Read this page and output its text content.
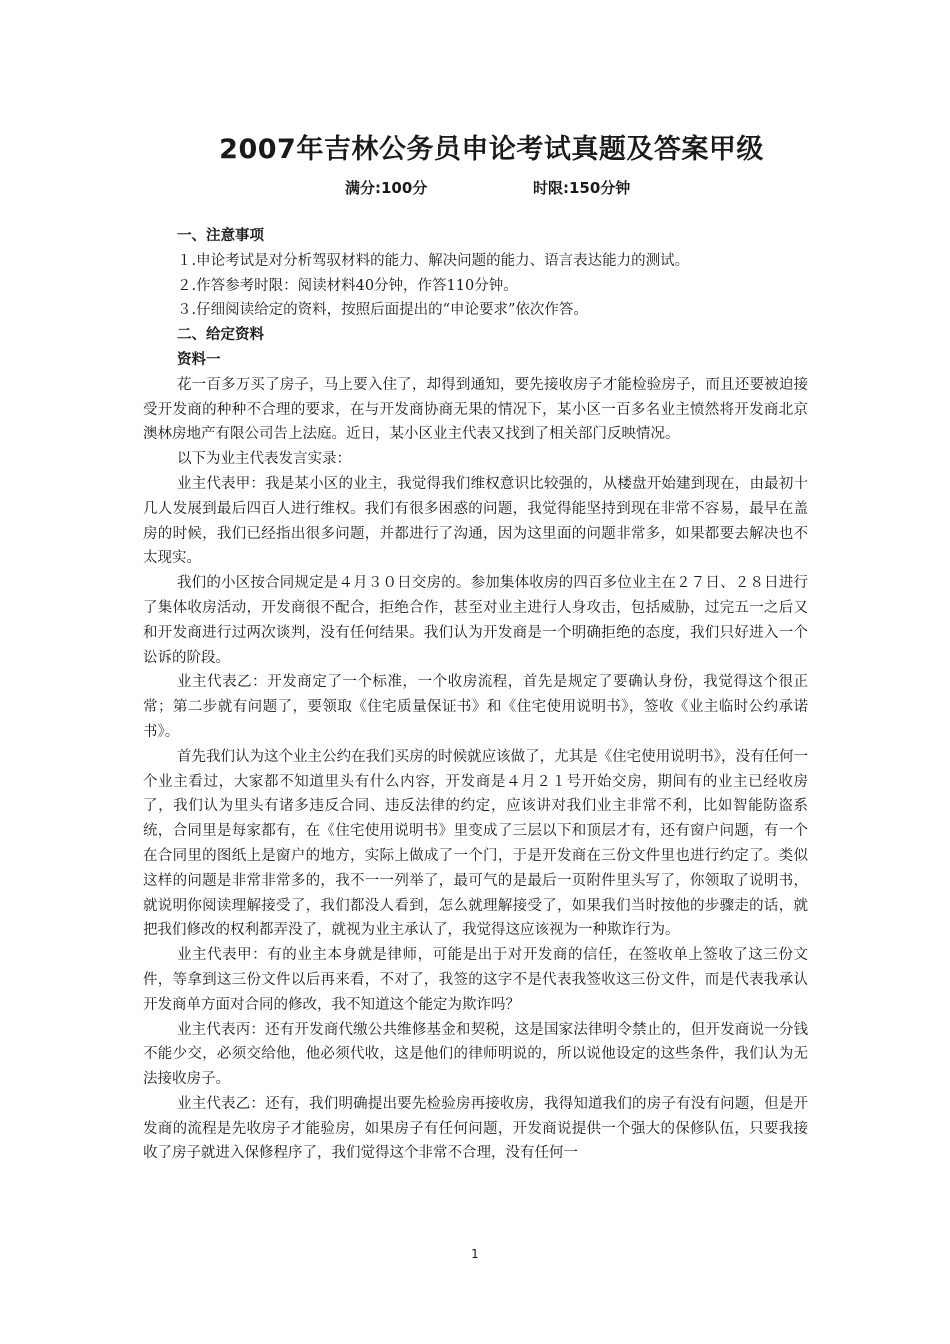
2007年吉林公务员申论考试真题及答案甲级
满分:100分	时限:150分钟

一、注意事项

１.申论考试是对分析驾驭材料的能力、解决问题的能力、语言表达能力的测试。

２.作答参考时限：阅读材料40分钟，作答110分钟。

３.仔细阅读给定的资料，按照后面提出的“申论要求”依次作答。

二、给定资料

资料一

花一百多万买了房子，马上要入住了，却得到通知，要先接收房子才能检验房子，而且还要被迫接受开发商的种种不合理的要求，在与开发商协商无果的情况下，某小区一百多名业主愤然将开发商北京澳林房地产有限公司告上法庭。近日，某小区业主代表又找到了相关部门反映情况。

以下为业主代表发言实录：

业主代表甲：我是某小区的业主，我觉得我们维权意识比较强的，从楼盘开始建到现在，由最初十几人发展到最后四百人进行维权。我们有很多困惑的问题，我觉得能坚持到现在非常不容易，最早在盖房的时候，我们已经指出很多问题，并都进行了沟通，因为这里面的问题非常多，如果都要去解决也不太现实。

我们的小区按合同规定是４月３０日交房的。参加集体收房的四百多位业主在２７日、２８日进行了集体收房活动，开发商很不配合，拒绝合作，甚至对业主进行人身攻击，包括威胁，过完五一之后又和开发商进行过两次谈判，没有任何结果。我们认为开发商是一个明确拒绝的态度，我们只好进入一个讼诉的阶段。

业主代表乙：开发商定了一个标准，一个收房流程，首先是规定了要确认身份，我觉得这个很正常；第二步就有问题了，要领取《住宅质量保证书》和《住宅使用说明书》，签收《业主临时公约承诺书》。

首先我们认为这个业主公约在我们买房的时候就应该做了，尤其是《住宅使用说明书》，没有任何一个业主看过，大家都不知道里头有什么内容，开发商是４月２１号开始交房，期间有的业主已经收房了，我们认为里头有诸多违反合同、违反法律的约定，应该讲对我们业主非常不利，比如智能防盗系统，合同里是每家都有，在《住宅使用说明书》里变成了三层以下和顶层才有，还有窗户问题，有一个在合同里的图纸上是窗户的地方，实际上做成了一个门，于是开发商在三份文件里也进行约定了。类似这样的问题是非常非常多的，我不一一列举了，最可气的是最后一页附件里头写了，你领取了说明书，就说明你阅读理解接受了，我们都没人看到，怎么就理解接受了，如果我们当时按他的步骤走的话，就把我们修改的权利都弄没了，就视为业主承认了，我觉得这应该视为一种欺诈行为。

业主代表甲：有的业主本身就是律师，可能是出于对开发商的信任，在签收单上签收了这三份文件，等拿到这三份文件以后再来看，不对了，我签的这字不是代表我签收这三份文件，而是代表我承认开发商单方面对合同的修改，我不知道这个能定为欺诈吗？

业主代表丙：还有开发商代缴公共维修基金和契税，这是国家法律明令禁止的，但开发商说一分钱不能少交，必须交给他，他必须代收，这是他们的律师明说的，所以说他设定的这些条件，我们认为无法接收房子。

业主代表乙：还有，我们明确提出要先检验房再接收房，我得知道我们的房子有没有问题，但是开发商的流程是先收房子才能验房，如果房子有任何问题，开发商说提供一个强大的保修队伍，只要我接收了房子就进入保修程序了，我们觉得这个非常不合理，没有任何一

1
